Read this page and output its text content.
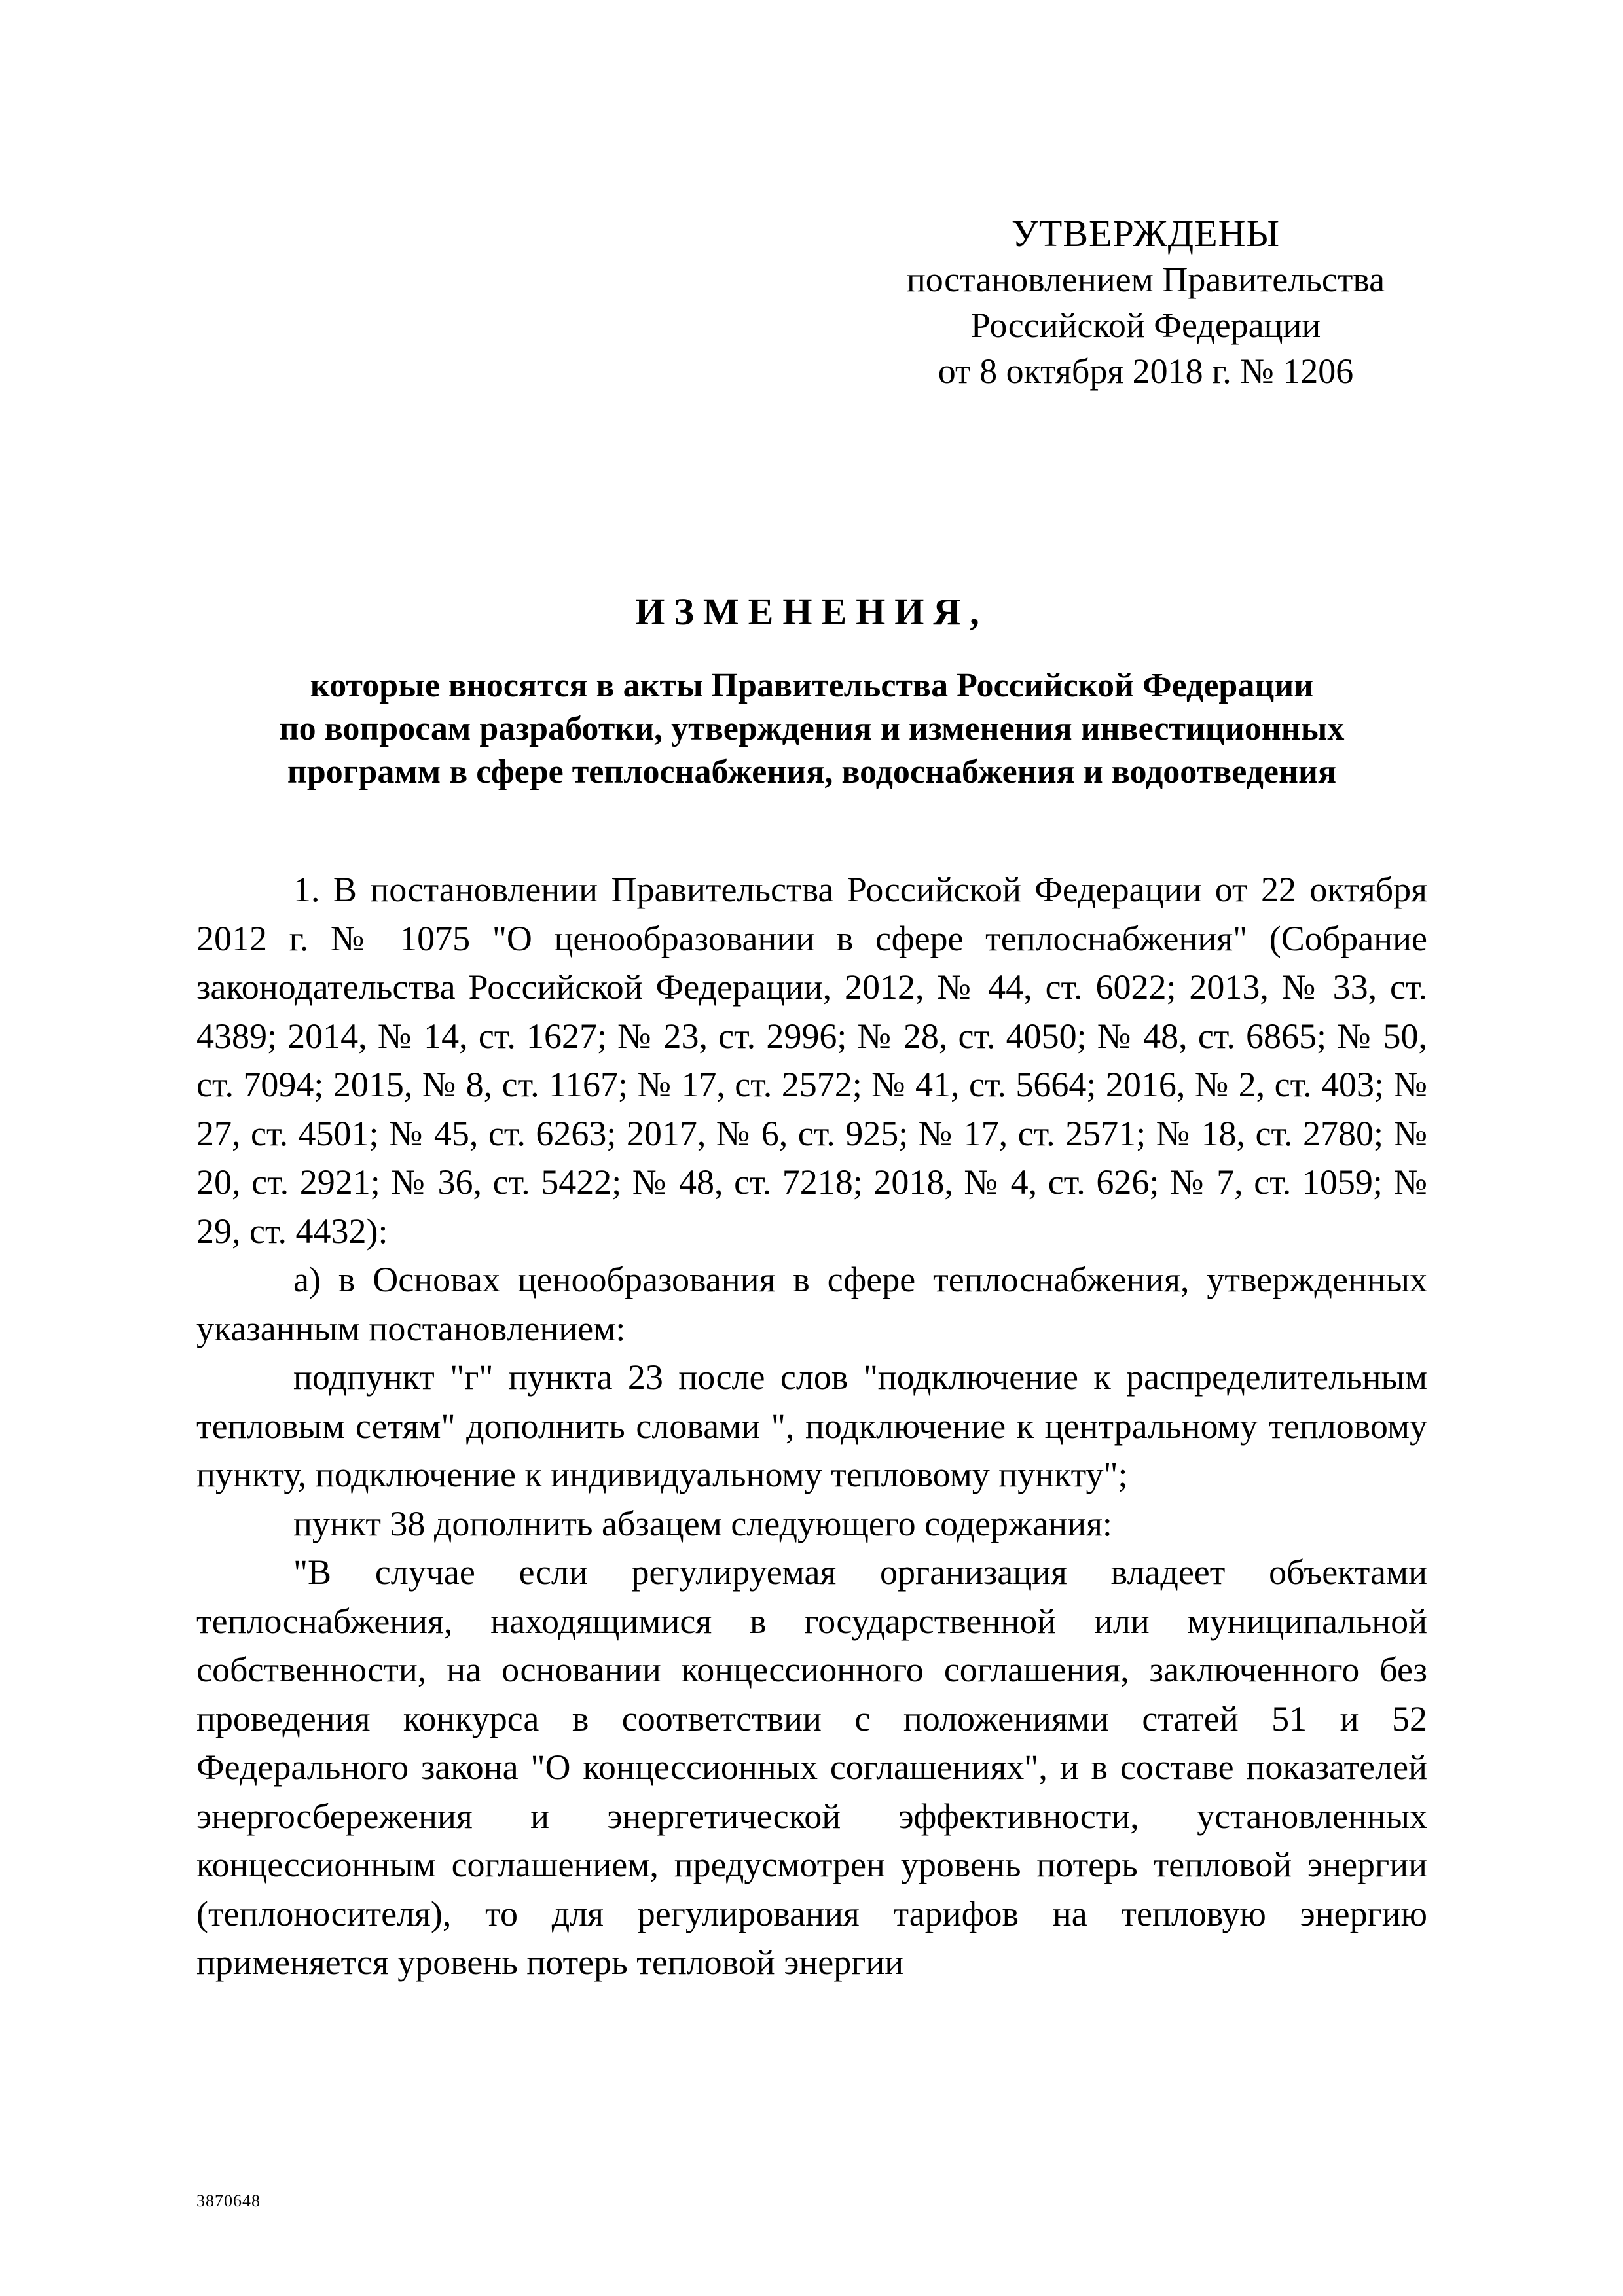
УТВЕРЖДЕНЫ
постановлением Правительства
Российской Федерации
от 8 октября 2018 г. № 1206
ИЗМЕНЕНИЯ,
которые вносятся в акты Правительства Российской Федерации
по вопросам разработки, утверждения и изменения инвестиционных
программ в сфере теплоснабжения, водоснабжения и водоотведения

1. В постановлении Правительства Российской Федерации от 22 октября 2012 г. № 1075 "О ценообразовании в сфере теплоснабжения" (Собрание законодательства Российской Федерации, 2012, № 44, ст. 6022; 2013, № 33, ст. 4389; 2014, № 14, ст. 1627; № 23, ст. 2996; № 28, ст. 4050; № 48, ст. 6865; № 50, ст. 7094; 2015, № 8, ст. 1167; № 17, ст. 2572; № 41, ст. 5664; 2016, № 2, ст. 403; № 27, ст. 4501; № 45, ст. 6263; 2017, № 6, ст. 925; № 17, ст. 2571; № 18, ст. 2780; № 20, ст. 2921; № 36, ст. 5422; № 48, ст. 7218; 2018, № 4, ст. 626; № 7, ст. 1059; № 29, ст. 4432):

а) в Основах ценообразования в сфере теплоснабжения, утвержденных указанным постановлением:

подпункт "г" пункта 23 после слов "подключение к распределительным тепловым сетям" дополнить словами ", подключение к центральному тепловому пункту, подключение к индивидуальному тепловому пункту";

пункт 38 дополнить абзацем следующего содержания:

"В случае если регулируемая организация владеет объектами теплоснабжения, находящимися в государственной или муниципальной собственности, на основании концессионного соглашения, заключенного без проведения конкурса в соответствии с положениями статей 51 и 52 Федерального закона "О концессионных соглашениях", и в составе показателей энергосбережения и энергетической эффективности, установленных концессионным соглашением, предусмотрен уровень потерь тепловой энергии (теплоносителя), то для регулирования тарифов на тепловую энергию применяется уровень потерь тепловой энергии

3870648
